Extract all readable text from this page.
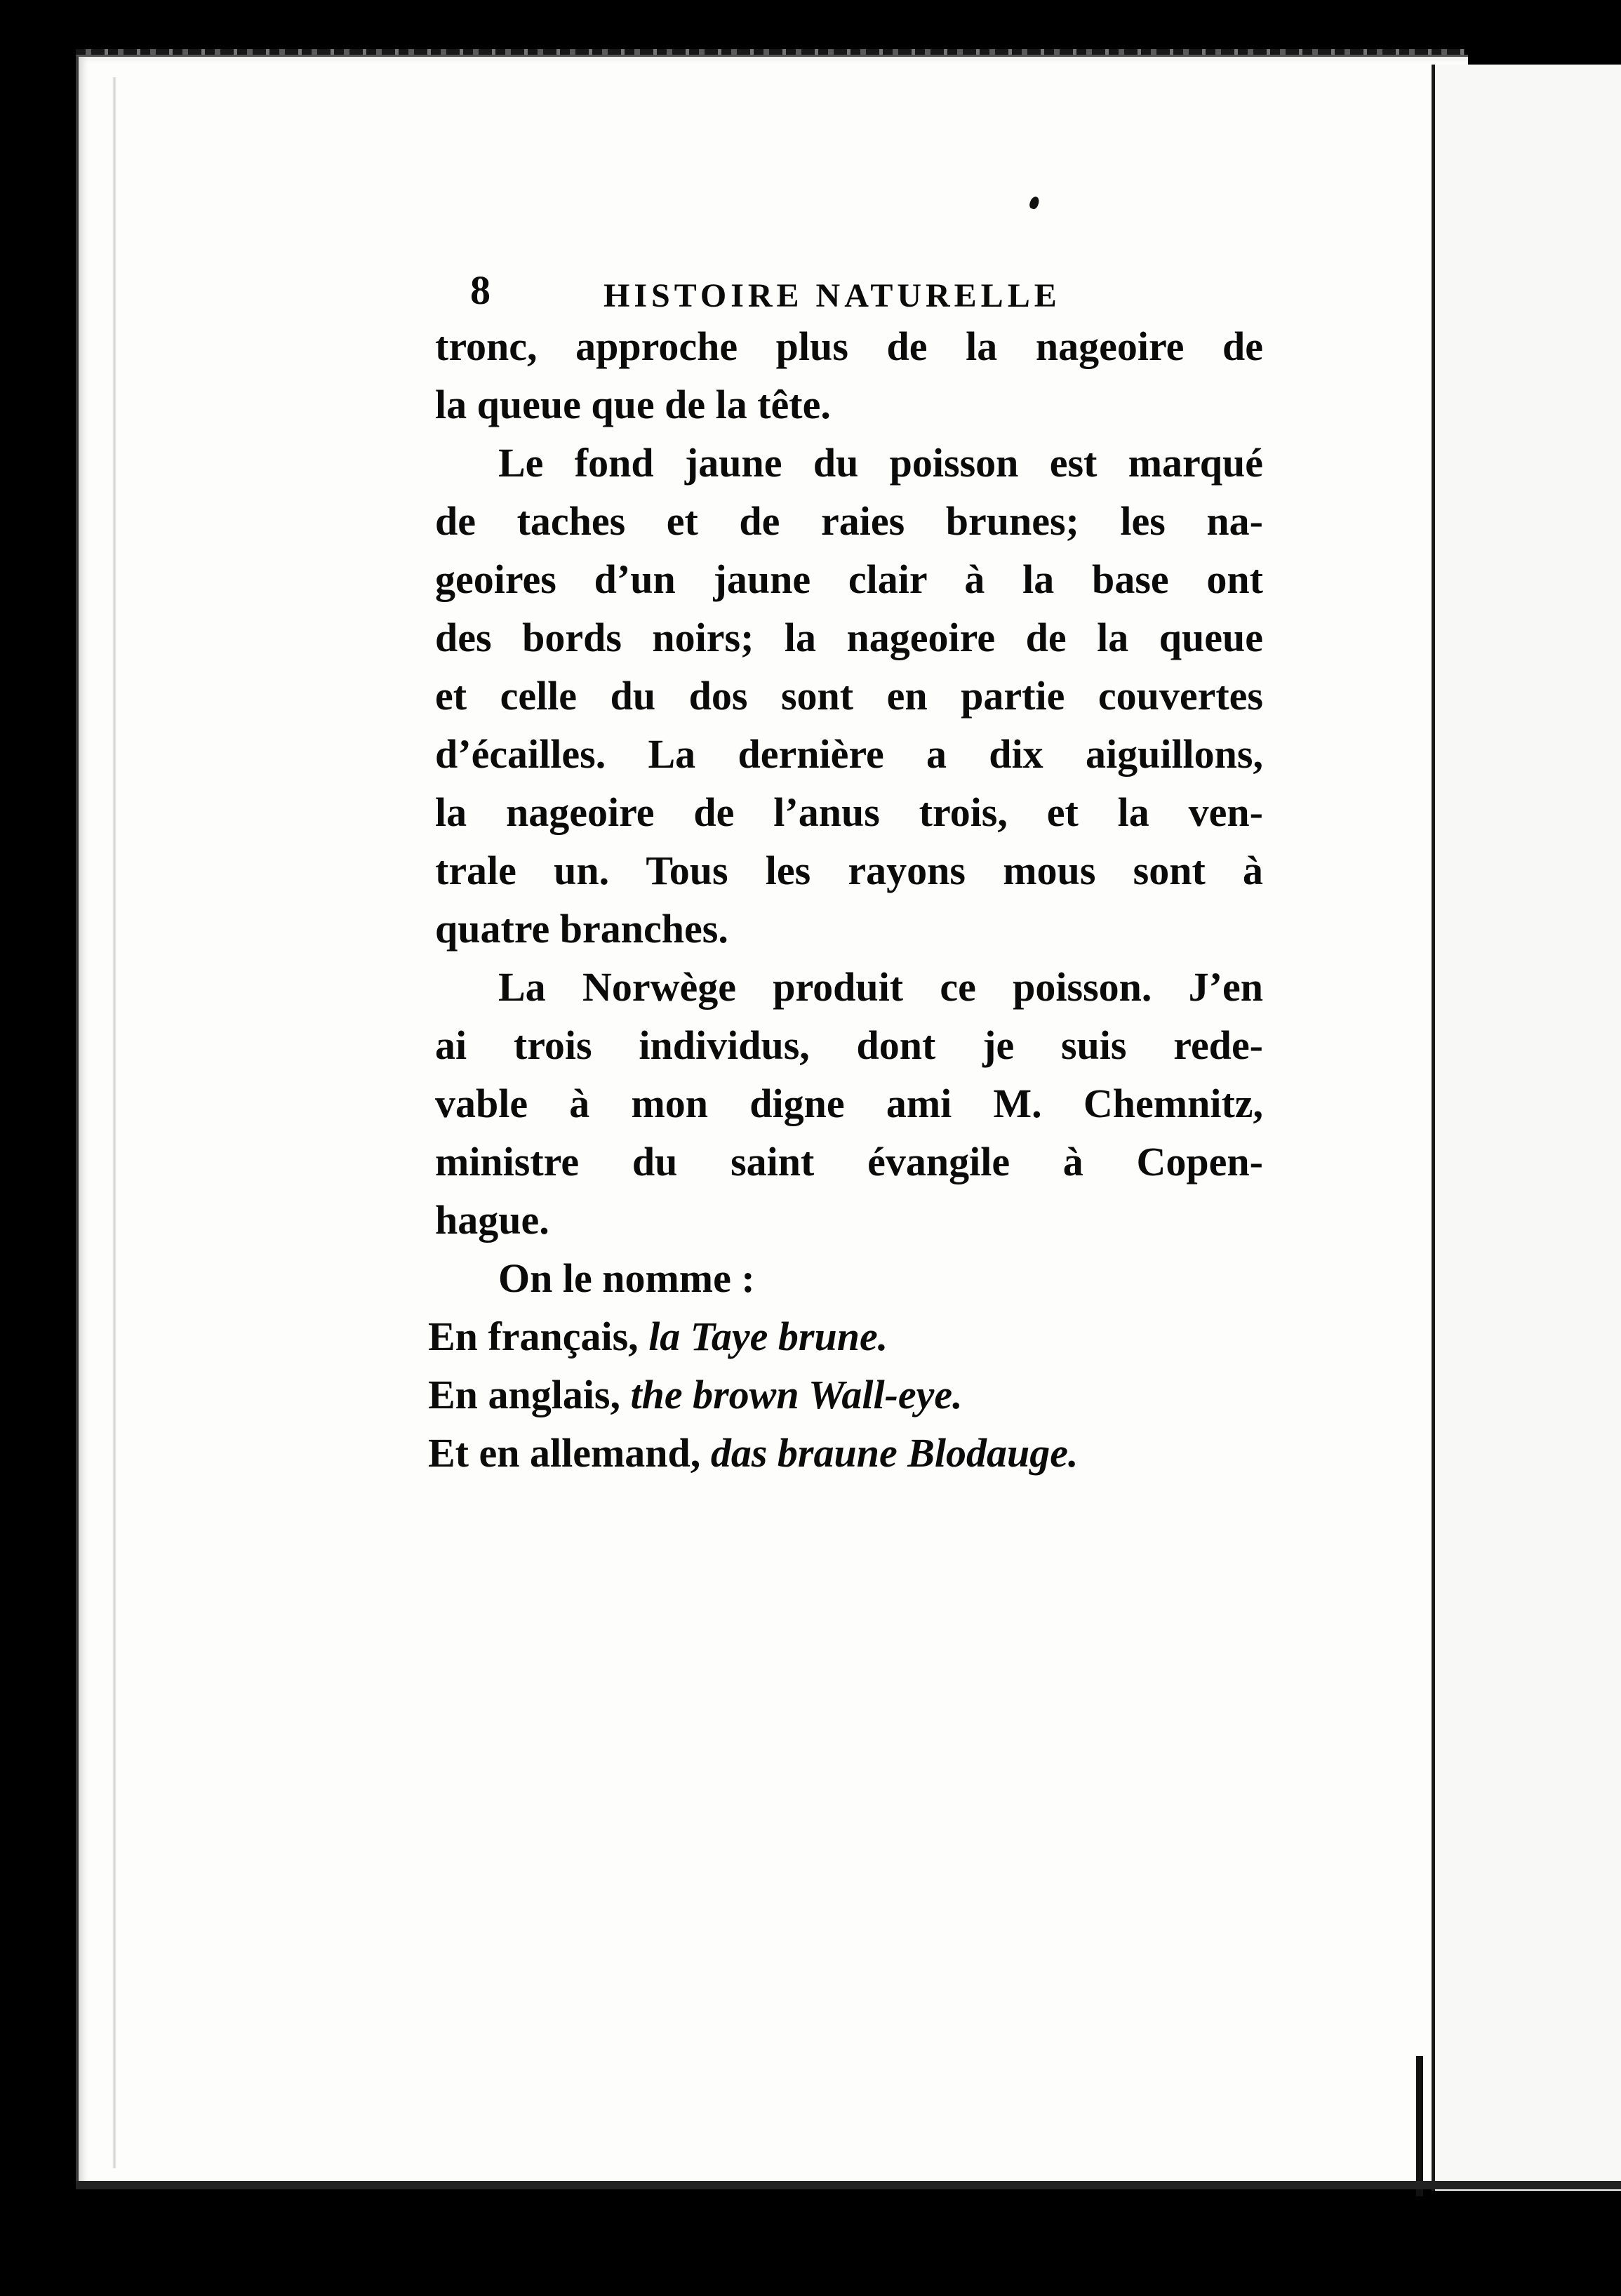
8	HISTOIRE NATURELLE
tronc, approche plus de la nageoire de
la queue que de la tête.
Le fond jaune du poisson est marqué
de taches et de raies brunes; les na-
geoires d’un jaune clair à la base ont
des bords noirs; la nageoire de la queue
et celle du dos sont en partie couvertes
d’écailles. La dernière a dix aiguillons,
la nageoire de l’anus trois, et la ven-
trale un. Tous les rayons mous sont à
quatre branches.
La Norwège produit ce poisson. J’en
ai trois individus, dont je suis rede-
vable à mon digne ami M. Chemnitz,
ministre du saint évangile à Copen-
hague.
On le nomme :
En français, la Taye brune.
En anglais, the brown Wall-eye.
Et en allemand, das braune Blodauge.
